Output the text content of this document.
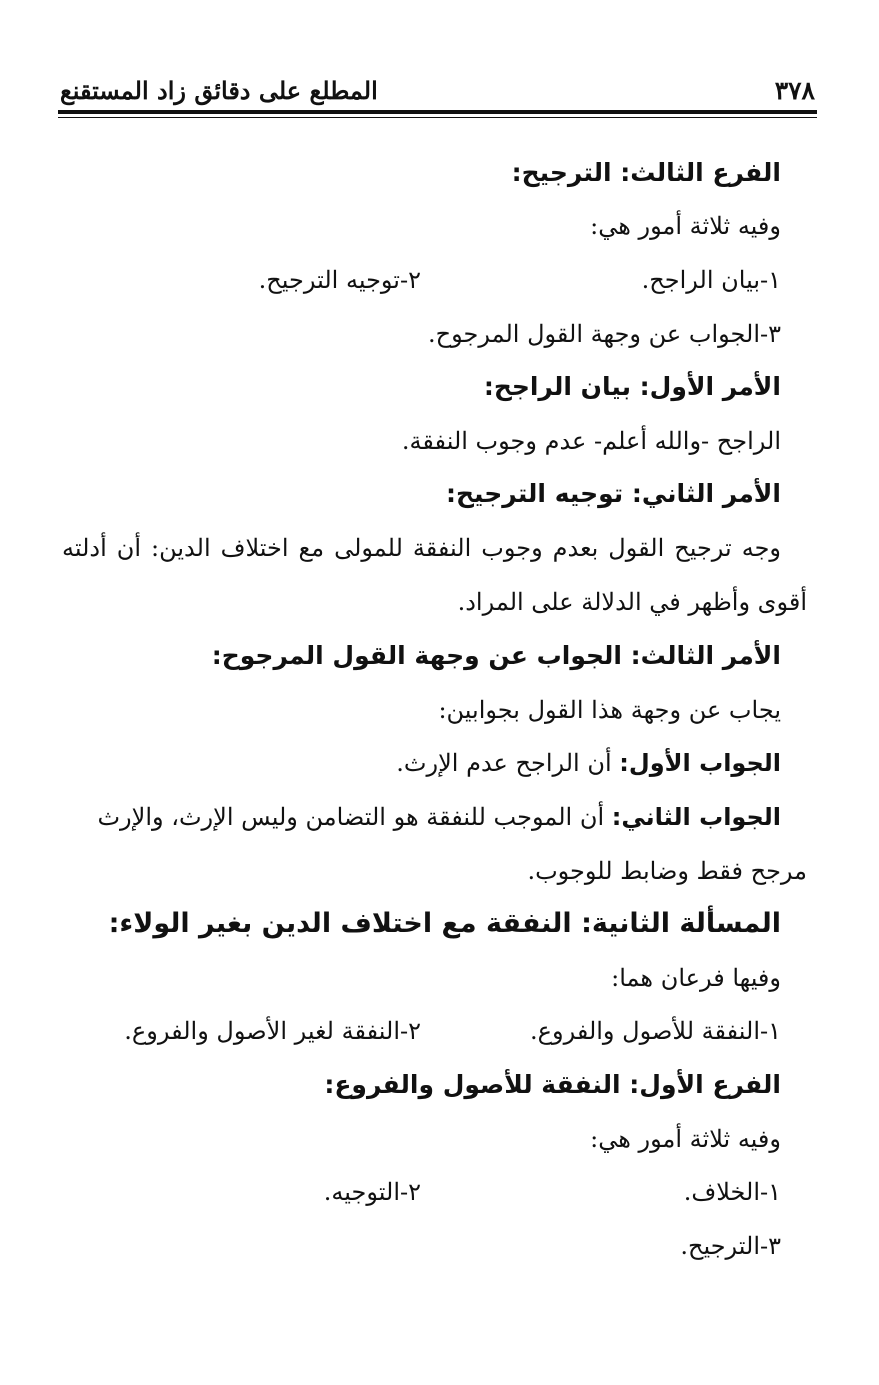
٣٧٨
المطلع على دقائق زاد المستقنع
الفرع الثالث: الترجيح:
وفيه ثلاثة أمور هي:
١-بيان الراجح.
٢-توجيه الترجيح.
٣-الجواب عن وجهة القول المرجوح.
الأمر الأول: بيان الراجح:
الراجح -والله أعلم- عدم وجوب النفقة.
الأمر الثاني: توجيه الترجيح:
وجه ترجيح القول بعدم وجوب النفقة للمولى مع اختلاف الدين: أن أدلته
أقوى وأظهر في الدلالة على المراد.
الأمر الثالث: الجواب عن وجهة القول المرجوح:
يجاب عن وجهة هذا القول بجوابين:
الجواب الأول: أن الراجح عدم الإرث.
الجواب الثاني: أن الموجب للنفقة هو التضامن وليس الإرث، والإرث
مرجح فقط وضابط للوجوب.
المسألة الثانية: النفقة مع اختلاف الدين بغير الولاء:
وفيها فرعان هما:
١-النفقة للأصول والفروع.
٢-النفقة لغير الأصول والفروع.
الفرع الأول: النفقة للأصول والفروع:
وفيه ثلاثة أمور هي:
١-الخلاف.
٢-التوجيه.
٣-الترجيح.
